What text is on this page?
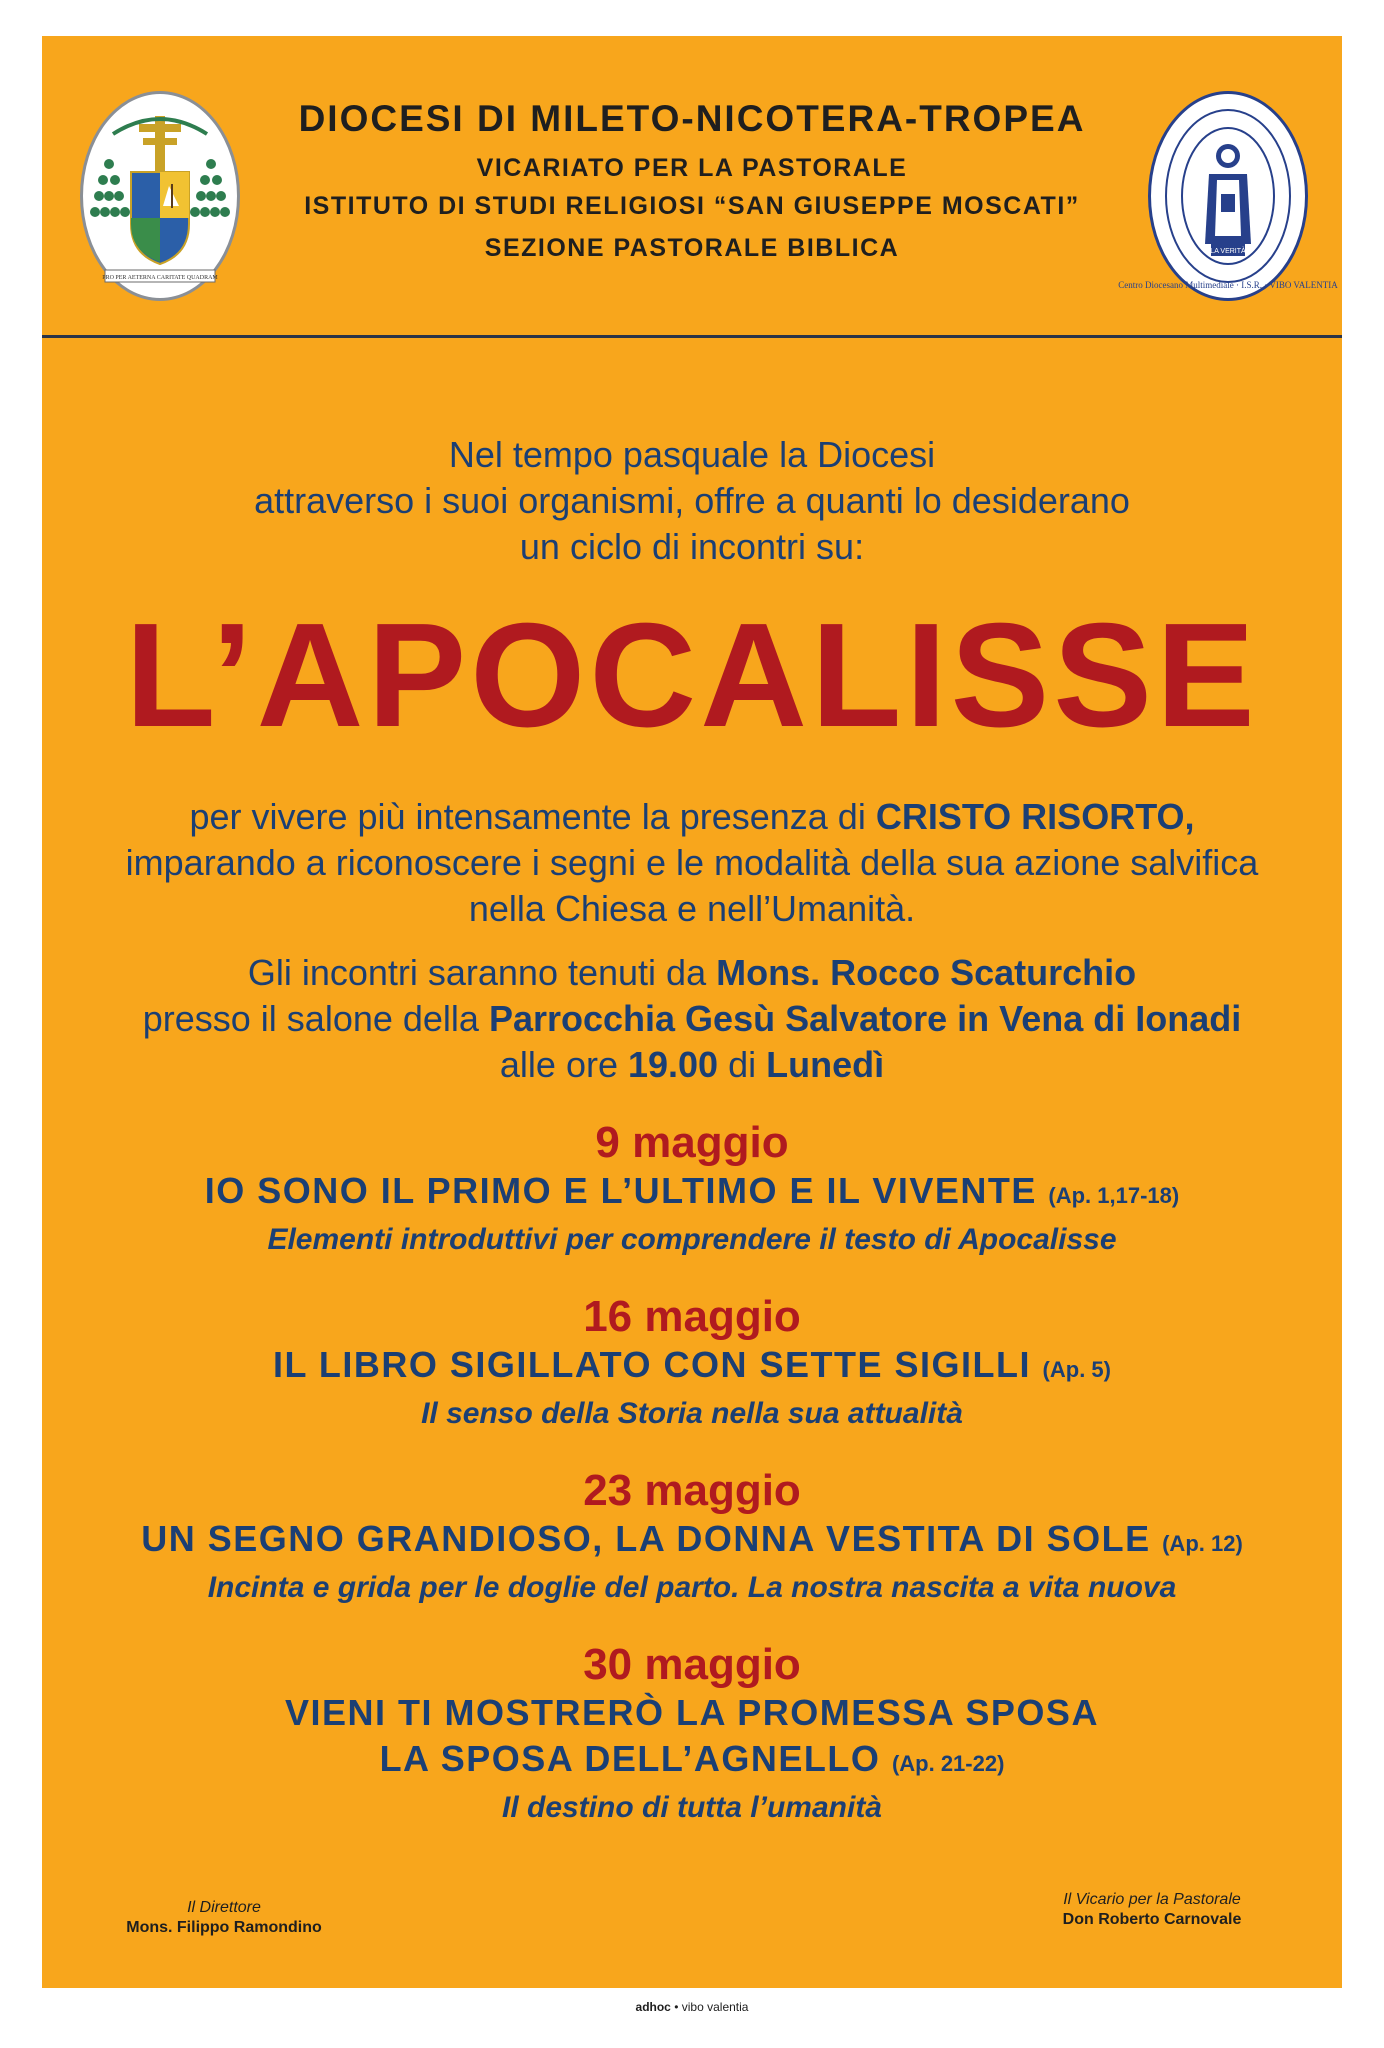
PRO PER AETERNA CARITATE QUADRAM
LA VERITÀ
Centro Diocesano Multimediale · I.S.R. · VIBO VALENTIA
DIOCESI DI MILETO-NICOTERA-TROPEA
VICARIATO PER LA PASTORALE
ISTITUTO DI STUDI RELIGIOSI “SAN GIUSEPPE MOSCATI”
SEZIONE PASTORALE BIBLICA
Nel tempo pasquale la Diocesi
attraverso i suoi organismi, offre a quanti lo desiderano
un ciclo di incontri su:
L’APOCALISSE
per vivere più intensamente la presenza di CRISTO RISORTO,
imparando a riconoscere i segni e le modalità della sua azione salvifica
nella Chiesa e nell’Umanità.
Gli incontri saranno tenuti da Mons. Rocco Scaturchio
presso il salone della Parrocchia Gesù Salvatore in Vena di Ionadi
alle ore 19.00 di Lunedì
9 maggio
IO SONO IL PRIMO E L’ULTIMO E IL VIVENTE (Ap. 1,17-18)
Elementi introduttivi per comprendere il testo di Apocalisse
16 maggio
IL LIBRO SIGILLATO CON SETTE SIGILLI (Ap. 5)
Il senso della Storia nella sua attualità
23 maggio
UN SEGNO GRANDIOSO, LA DONNA VESTITA DI SOLE (Ap. 12)
Incinta e grida per le doglie del parto. La nostra nascita a vita nuova
30 maggio
VIENI TI MOSTRERÒ LA PROMESSA SPOSA
LA SPOSA DELL’AGNELLO (Ap. 21-22)
Il destino di tutta l’umanità
Il Direttore
Mons. Filippo Ramondino
Il Vicario per la Pastorale
Don Roberto Carnovale
adhoc • vibo valentia
